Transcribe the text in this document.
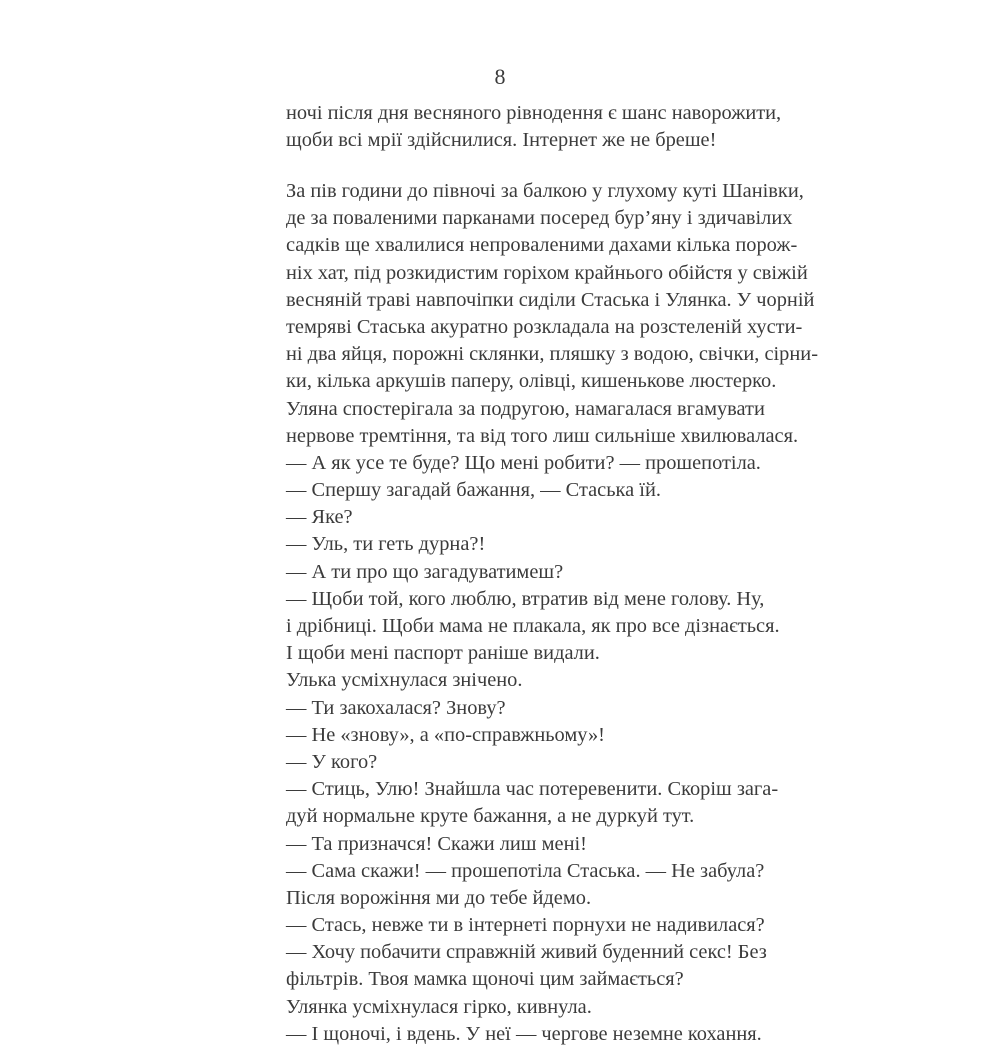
8
ночі після дня весняного рівнодення є шанс наворожити,
щоби всі мрії здійснилися. Інтернет же не бреше!
За пів години до півночі за балкою у глухому куті Шанівки,
де за поваленими парканами посеред бур’яну і здичавілих
садків ще хвалилися непровaленими дахами кілька порож-
ніх хат, під розкидистим горіхом крайнього обійстя у свіжій
весняній траві навпочіпки сиділи Стаська і Улянка. У чорній
темряві Стаська акуратно розкладала на розстеленій хусти-
ні два яйця, порожні склянки, пляшку з водою, свічки, сірни-
ки, кілька аркушів паперу, олівці, кишенькове люстерко.
Уляна спостерігала за подругою, намагалася вгамувати
нервове тремтіння, та від того лиш сильніше хвилювалася.
— А як усе те буде? Що мені робити? — прошепотіла.
— Спершу загадай бажання, — Стаська їй.
— Яке?
— Уль, ти геть дурна?!
— А ти про що загадуватимеш?
— Щоби той, кого люблю, втратив від мене голову. Ну,
і дрібниці. Щоби мама не плакала, як про все дізнається.
І щоби мені паспорт раніше видали.
Улька усміхнулася знічено.
— Ти закохалася? Знову?
— Не «знову», а «по-справжньому»!
— У кого?
— Стиць, Улю! Знайшла час потеревенити. Скоріш зага-
дуй нормальне круте бажання, а не дуркуй тут.
— Та призначся! Скажи лиш мені!
— Сама скажи! — прошепотіла Стаська. — Не забула?
Після ворожіння ми до тебе йдемо.
— Стась, невже ти в інтернеті порнухи не надивилася?
— Хочу побачити справжній живий буденний секс! Без
фільтрів. Твоя мамка щоночі цим займається?
Улянка усміхнулася гірко, кивнула.
— І щоночі, і вдень. У неї — чергове неземне кохання.
